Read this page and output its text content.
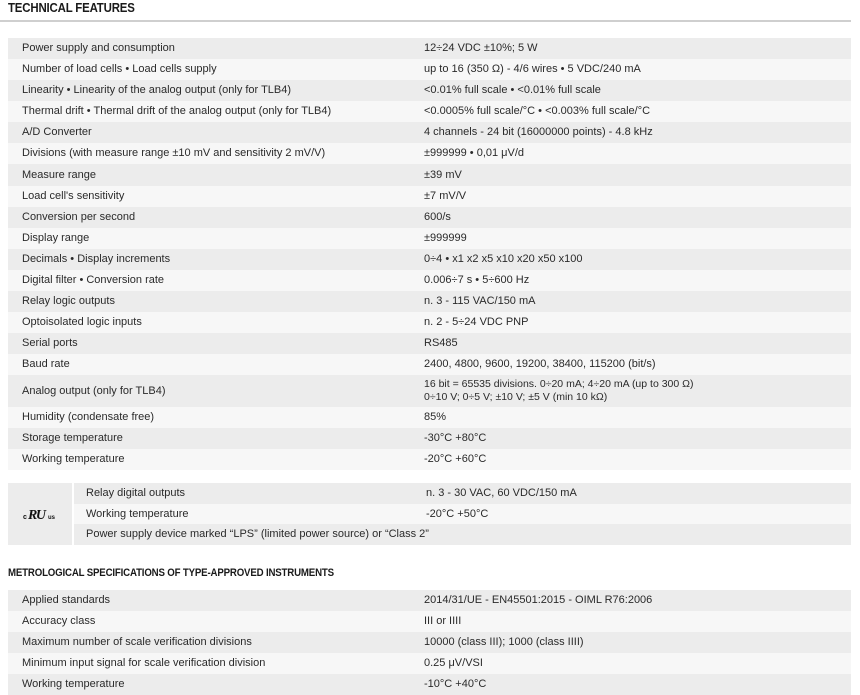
TECHNICAL FEATURES
Power supply and consumption	12÷24 VDC ±10%; 5 W
Number of load cells • Load cells supply	up to 16 (350 Ω) - 4/6 wires • 5 VDC/240 mA
Linearity • Linearity of the analog output (only for TLB4)	<0.01% full scale • <0.01% full scale
Thermal drift • Thermal drift of the analog output (only for TLB4)	<0.0005% full scale/°C • <0.003% full scale/°C
A/D Converter	4 channels - 24 bit (16000000 points) - 4.8 kHz
Divisions (with measure range ±10 mV and sensitivity 2 mV/V)	±999999 • 0,01 μV/d
Measure range	±39 mV
Load cell's sensitivity	±7 mV/V
Conversion per second	600/s
Display range	±999999
Decimals • Display increments	0÷4 • x1 x2 x5 x10 x20 x50 x100
Digital filter • Conversion rate	0.006÷7 s • 5÷600 Hz
Relay logic outputs	n. 3 - 115 VAC/150 mA
Optoisolated logic inputs	n. 2 - 5÷24 VDC PNP
Serial ports	RS485
Baud rate	2400, 4800, 9600, 19200, 38400, 115200 (bit/s)
Analog output (only for TLB4)	16 bit = 65535 divisions. 0÷20 mA; 4÷20 mA (up to 300 Ω)
0÷10 V; 0÷5 V; ±10 V; ±5 V (min 10 kΩ)

Humidity (condensate free)	85%
Storage temperature	-30°C +80°C
Working temperature	-20°C +60°C
c RU us
Relay digital outputs	n. 3 - 30 VAC, 60 VDC/150 mA
Working temperature	-20°C +50°C
Power supply device marked “LPS” (limited power source) or “Class 2”	
METROLOGICAL SPECIFICATIONS OF TYPE-APPROVED INSTRUMENTS
Applied standards	2014/31/UE - EN45501:2015 - OIML R76:2006
Accuracy class	III or IIII
Maximum number of scale verification divisions	10000 (class III); 1000 (class IIII)
Minimum input signal for scale verification division	0.25 μV/VSI
Working temperature	-10°C +40°C
